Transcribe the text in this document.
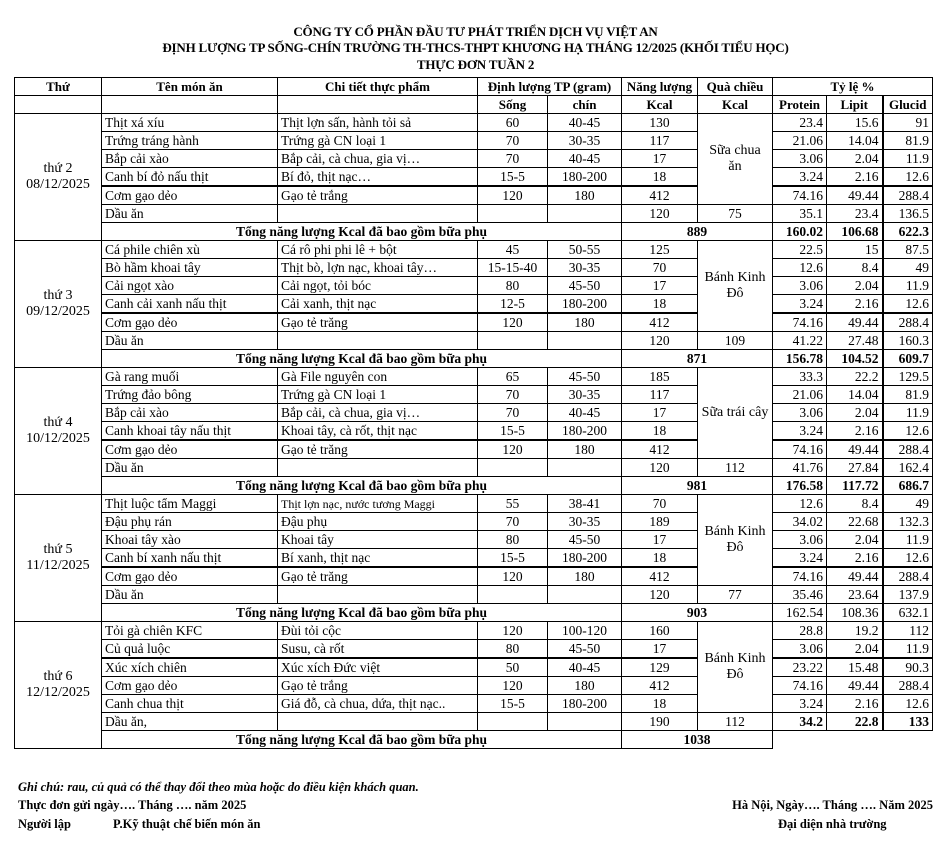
CÔNG TY CỔ PHẦN ĐẦU TƯ PHÁT TRIỂN DỊCH VỤ VIỆT AN
ĐỊNH LƯỢNG TP SỐNG-CHÍN TRƯỜNG TH-THCS-THPT KHƯƠNG HẠ THÁNG 12/2025 (KHỐI TIỂU HỌC)
THỰC ĐƠN TUẦN 2
Thứ	Tên món ăn	Chi tiết thực phẩm	Định lượng TP (gram)		Năng lượng	Quà chiều	Tỷ lệ %		
			Sống	chín	Kcal	Kcal	Protein	Lipit	Glucid

thứ 2
08/12/2025	Thịt xá xíu	Thịt lợn sấn, hành tỏi sả	60	40-45	130	Sữa chua ăn	23.4	15.6	91
	Trứng tráng hành	Trứng gà CN loại 1	70	30-35	117		21.06	14.04	81.9
	Bắp cải xào	Bắp cải, cà chua, gia vị…	70	40-45	17		3.06	2.04	11.9
	Canh bí đỏ nấu thịt	Bí đỏ, thịt nạc…	15-5	180-200	18		3.24	2.16	12.6
	Cơm gạo dẻo	Gạo tẻ trắng	120	180	412		74.16	49.44	288.4
	Dầu ăn				120	75	35.1	23.4	136.5
	Tổng năng lượng Kcal đã bao gồm bữa phụ				889		160.02	106.68	622.3

thứ 3
09/12/2025	Cá phile chiên xù	Cá rô phi phi lê + bột	45	50-55	125	Bánh Kinh Đô	22.5	15	87.5
	Bò hầm khoai tây	Thịt bò, lợn nạc, khoai tây…	15-15-40	30-35	70		12.6	8.4	49
	Cải ngọt xào	Cải ngọt, tỏi bóc	80	45-50	17		3.06	2.04	11.9
	Canh cải xanh nấu thịt	Cải xanh, thịt nạc	12-5	180-200	18		3.24	2.16	12.6
	Cơm gạo dẻo	Gạo tẻ trăng	120	180	412		74.16	49.44	288.4
	Dầu ăn				120	109	41.22	27.48	160.3
	Tổng năng lượng Kcal đã bao gồm bữa phụ				871		156.78	104.52	609.7

thứ 4
10/12/2025	Gà rang muối	Gà File nguyên con	65	45-50	185	Sữa trái cây	33.3	22.2	129.5
	Trứng đảo bông	Trứng gà CN loại 1	70	30-35	117		21.06	14.04	81.9
	Bắp cải xào	Bắp cải, cà chua, gia vị…	70	40-45	17		3.06	2.04	11.9
	Canh khoai tây nấu thịt	Khoai tây, cà rốt, thịt nạc	15-5	180-200	18		3.24	2.16	12.6
	Cơm gạo dẻo	Gạo tẻ trăng	120	180	412		74.16	49.44	288.4
	Dầu ăn				120	112	41.76	27.84	162.4
	Tổng năng lượng Kcal đã bao gồm bữa phụ				981		176.58	117.72	686.7

thứ 5
11/12/2025	Thịt luộc tẩm Maggi	Thịt lợn nạc, nước tương Maggi	55	38-41	70	Bánh Kinh Đô	12.6	8.4	49
	Đậu phụ rán	Đậu phụ	70	30-35	189		34.02	22.68	132.3
	Khoai tây xào	Khoai tây	80	45-50	17		3.06	2.04	11.9
	Canh bí xanh nấu thịt	Bí xanh, thịt nạc	15-5	180-200	18		3.24	2.16	12.6
	Cơm gạo dẻo	Gạo tẻ trăng	120	180	412		74.16	49.44	288.4
	Dầu ăn				120	77	35.46	23.64	137.9
	Tổng năng lượng Kcal đã bao gồm bữa phụ				903		162.54	108.36	632.1

thứ 6
12/12/2025	Tỏi gà chiên KFC	Đùi tỏi cộc	120	100-120	160	Bánh Kinh Đô	28.8	19.2	112
	Củ quả luộc	Susu, cà rốt	80	45-50	17		3.06	2.04	11.9
	Xúc xích chiên	Xúc xích Đức việt	50	40-45	129		23.22	15.48	90.3
	Cơm gạo dẻo	Gạo tẻ trắng	120	180	412		74.16	49.44	288.4
	Canh chua thịt	Giá đỗ, cà chua, dứa, thịt nạc..	15-5	180-200	18		3.24	2.16	12.6
	Dầu ăn,				190	112	34.2	22.8	133
	Tổng năng lượng Kcal đã bao gồm bữa phụ				1038				
Ghi chú: rau, củ quả có thể thay đổi theo mùa hoặc do điều kiện khách quan.
Thực đơn gửi ngày…. Tháng …. năm 2025	Hà Nội, Ngày…. Tháng …. Năm 2025
Người lập	P.Kỹ thuật chế biến món ăn	Đại diện nhà trường
